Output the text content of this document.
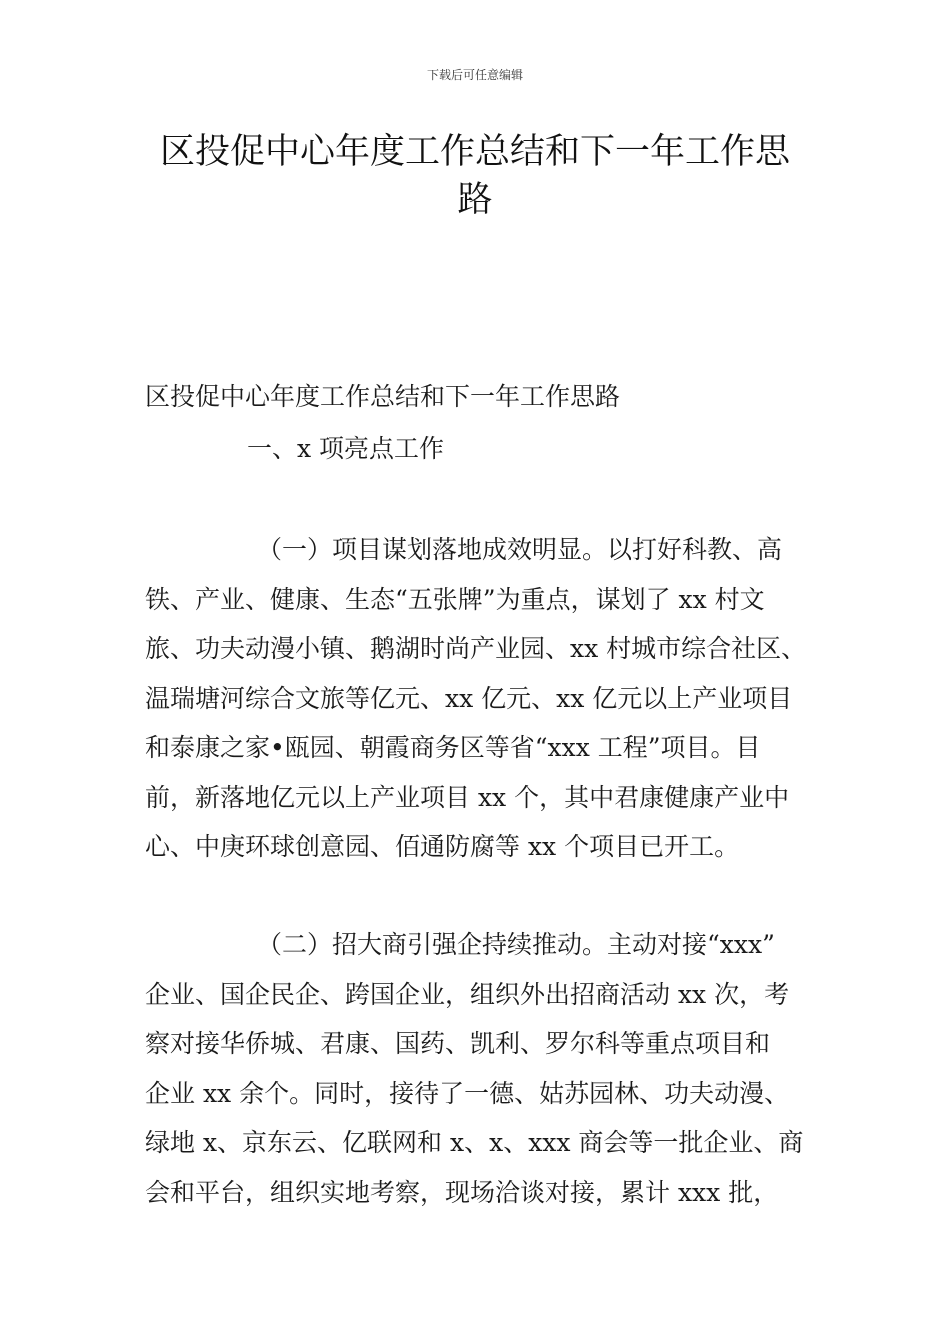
下载后可任意编辑
区投促中心年度工作总结和下一年工作思
路
区投促中心年度工作总结和下一年工作思路
一、x 项亮点工作
（一）项目谋划落地成效明显。以打好科教、高
铁、产业、健康、生态“五张牌”为重点，谋划了 xx 村文
旅、功夫动漫小镇、鹅湖时尚产业园、xx 村城市综合社区、
温瑞塘河综合文旅等亿元、xx 亿元、xx 亿元以上产业项目
和泰康之家•瓯园、朝霞商务区等省“xxx 工程”项目。目
前，新落地亿元以上产业项目 xx 个，其中君康健康产业中
心、中庚环球创意园、佰通防腐等 xx 个项目已开工。
（二）招大商引强企持续推动。主动对接“xxx”
企业、国企民企、跨国企业，组织外出招商活动 xx 次，考
察对接华侨城、君康、国药、凯利、罗尔科等重点项目和
企业 xx 余个。同时，接待了一德、姑苏园林、功夫动漫、
绿地 x、京东云、亿联网和 x、x、xxx 商会等一批企业、商
会和平台，组织实地考察，现场洽谈对接，累计 xxx 批，
